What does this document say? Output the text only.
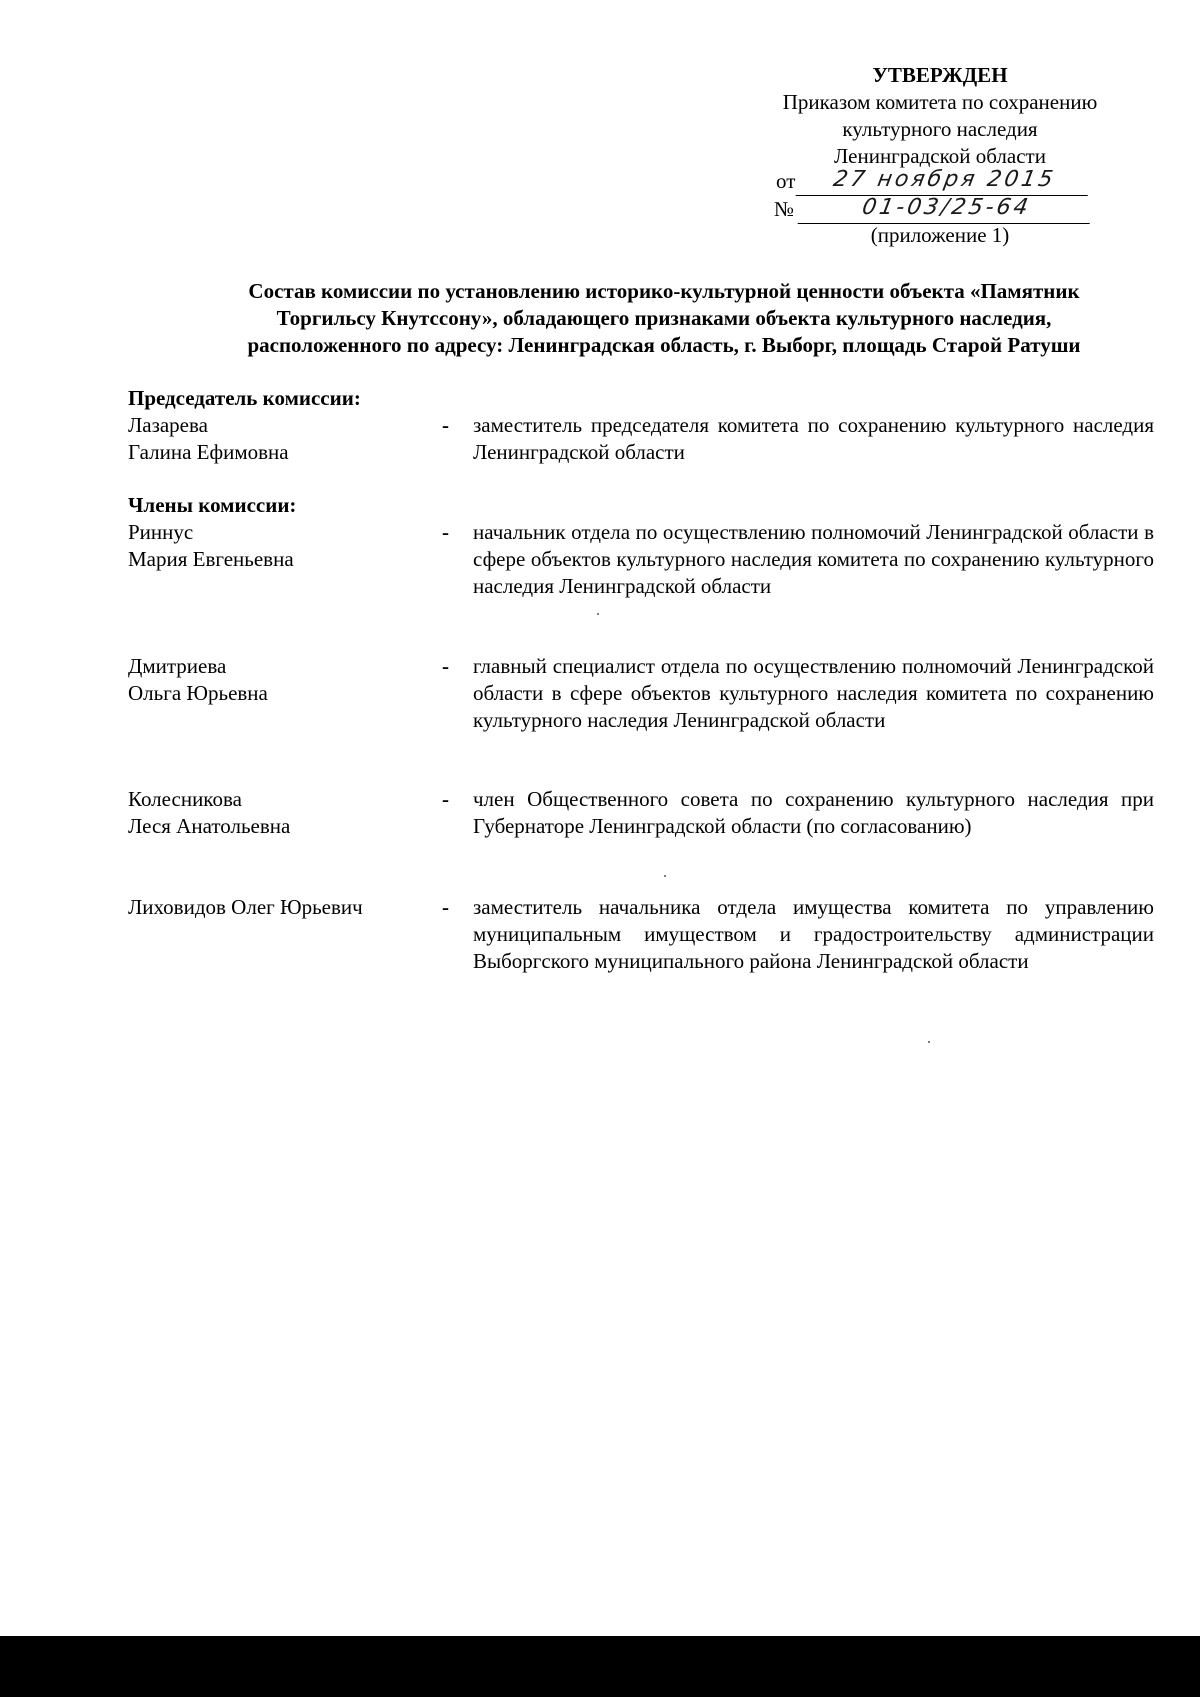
УТВЕРЖДЕН
Приказом комитета по сохранению
культурного наследия
Ленинградской области
от	27 ноября 2015
№	01-03/25-64
(приложение 1)
Состав комиссии по установлению историко-культурной ценности объекта «Памятник
Торгильсу Кнутссону», обладающего признаками объекта культурного наследия,
расположенного по адресу: Ленинградская область, г. Выборг, площадь Старой Ратуши
Председатель комиссии:
Лазарева
Галина Ефимовна
-	заместитель председателя комитета по сохранению культурного наследия Ленинградской области
Члены комиссии:
Риннус
Мария Евгеньевна
-	начальник отдела по осуществлению полномочий Ленинградской области в сфере объектов культурного наследия комитета по сохранению культурного наследия Ленинградской области
Дмитриева
Ольга Юрьевна
-	главный специалист отдела по осуществлению полномочий Ленинградской области в сфере объектов культурного наследия комитета по сохранению культурного наследия Ленинградской области
Колесникова
Леся Анатольевна
-	член Общественного совета по сохранению культурного наследия при Губернаторе Ленинградской области (по согласованию)
Лиховидов Олег Юрьевич	-	заместитель начальника отдела имущества комитета по управлению муниципальным имуществом и градостроительству администрации Выборгского муниципального района Ленинградской области
